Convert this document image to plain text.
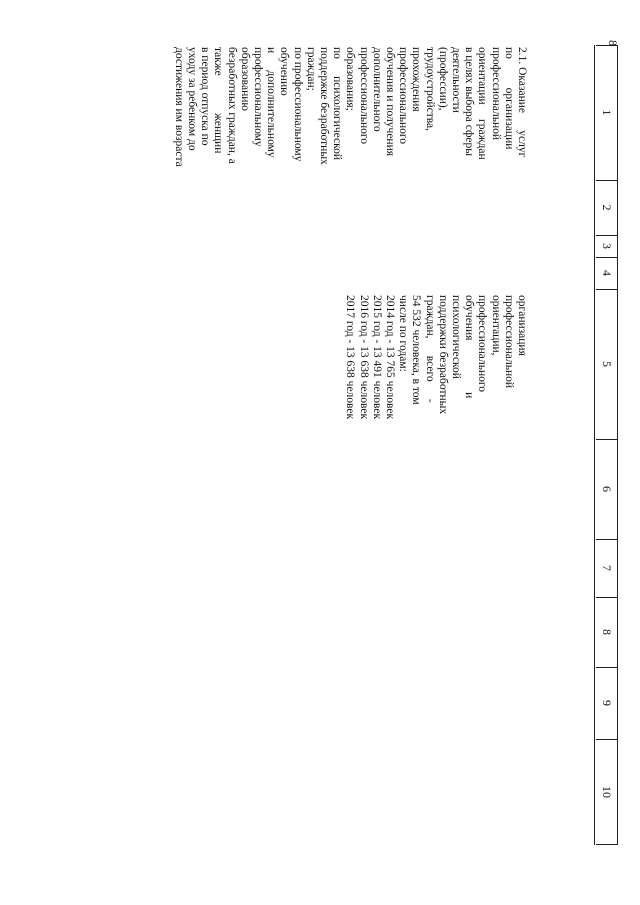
8
1
2
3
4
5
6
7
8
9
10
2.1. Оказание      услуг
по          организации
профессиональной
ориентации     граждан
в целях выбора сферы
деятельности
(профессии),
трудоустройства,
прохождения
профессионального
обучения и получения
дополнительного
профессионального
образования;
по      психологической
поддержке безработных
граждан;
по профессиональному
обучению
и      дополнительному
профессиональному
образованию
безработных граждан, а
также             женщин
в период отпуска по
уходу за ребенком до
достижения им возраста
организация
профессиональной
ориентации,
профессионального
обучения                  и
психологической
поддержки безработных
граждан,      всего      -
54 532 человека, в том
числе по годам:
2014 год - 13 765 человек
2015 год - 13 491 человек
2016 год - 13 638 человек
2017 год - 13 638 человек
